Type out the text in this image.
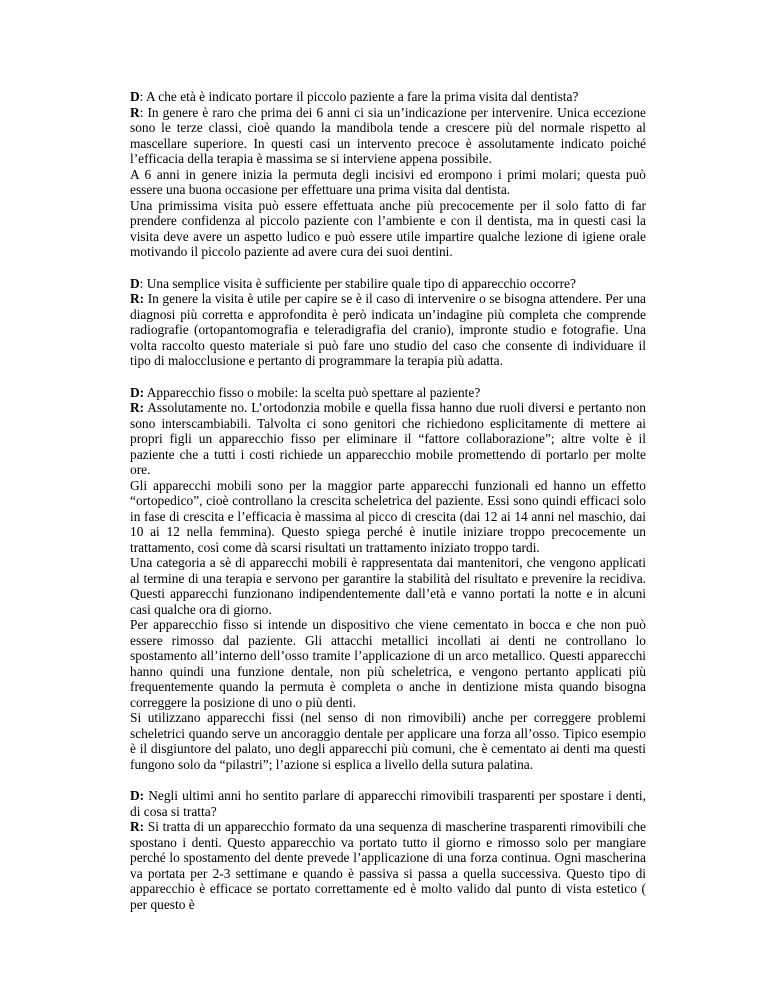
D: A che età è indicato portare il piccolo paziente a fare la prima visita dal dentista?

R: In genere è raro che prima dei 6 anni ci sia un’indicazione per intervenire. Unica eccezione sono le terze classi, cioè quando la mandibola tende a crescere più del normale rispetto al mascellare superiore. In questi casi un intervento precoce è assolutamente indicato poiché l’efficacia della terapia è massima se si interviene appena possibile.

A 6 anni in genere inizia la permuta degli incisivi ed erompono i primi molari; questa può essere una buona occasione per effettuare una prima visita dal dentista.

Una primissima visita può essere effettuata anche più precocemente per il solo fatto di far prendere confidenza al piccolo paziente con l’ambiente e con il dentista, ma in questi casi la visita deve avere un aspetto ludico e può essere utile impartire qualche lezione di igiene orale motivando il piccolo paziente ad avere cura dei suoi dentini.

D: Una semplice visita è sufficiente per stabilire quale tipo di apparecchio occorre?

R: In genere la visita è utile per capire se è il caso di intervenire o se bisogna attendere. Per una diagnosi più corretta e approfondita è però indicata un’indagine più completa che comprende radiografie (ortopantomografia e teleradigrafia del cranio), impronte studio e fotografie. Una volta raccolto questo materiale si può fare uno studio del caso che consente di individuare il tipo di malocclusione e pertanto di programmare la terapia più adatta.

D: Apparecchio fisso o mobile: la scelta può spettare al paziente?

R: Assolutamente no. L’ortodonzia mobile e quella fissa hanno due ruoli diversi e pertanto non sono interscambiabili. Talvolta ci sono genitori che richiedono esplicitamente di mettere ai propri figli un apparecchio fisso per eliminare il “fattore collaborazione”; altre volte è il paziente che a tutti i costi richiede un apparecchio mobile promettendo di portarlo per molte ore.

Gli apparecchi mobili sono per la maggior parte apparecchi funzionali ed hanno un effetto “ortopedico”, cioè controllano la crescita scheletrica del paziente. Essi sono quindi efficaci solo in fase di crescita e l’efficacia è massima al picco di crescita (dai 12 ai 14 anni nel maschio, dai 10 ai 12 nella femmina). Questo spiega perché è inutile iniziare troppo precocemente un trattamento, così come dà scarsi risultati un trattamento iniziato troppo tardi.

Una categoria a sè di apparecchi mobili è rappresentata dai mantenitori, che vengono applicati al termine di una terapia e servono per garantire la stabilità del risultato e prevenire la recidiva. Questi apparecchi funzionano indipendentemente dall’età e vanno portati la notte e in alcuni casi qualche ora di giorno.

Per apparecchio fisso si intende un dispositivo che viene cementato in bocca e che non può essere rimosso dal paziente. Gli attacchi metallici incollati ai denti ne controllano lo spostamento all’interno dell’osso tramite l’applicazione di un arco metallico. Questi apparecchi hanno quindi una funzione dentale, non più scheletrica, e vengono pertanto applicati più frequentemente quando la permuta è completa o anche in dentizione mista quando bisogna correggere la posizione di uno o più denti.

Si utilizzano apparecchi fissi (nel senso di non rimovibili) anche per correggere problemi scheletrici quando serve un ancoraggio dentale per applicare una forza all’osso. Tipico esempio è il disgiuntore del palato, uno degli apparecchi più comuni, che è cementato ai denti ma questi fungono solo da “pilastri”; l’azione si esplica a livello della sutura palatina.

D: Negli ultimi anni ho sentito parlare di apparecchi rimovibili trasparenti per spostare i denti, di cosa si tratta?

R: Si tratta di un apparecchio formato da una sequenza di mascherine trasparenti rimovibili che spostano i denti. Questo apparecchio va portato tutto il giorno e rimosso solo per mangiare perché lo spostamento del dente prevede l’applicazione di una forza continua. Ogni mascherina va portata per 2-3 settimane e quando è passiva si passa a quella successiva. Questo tipo di apparecchio è efficace se portato correttamente ed è molto valido dal punto di vista estetico ( per questo è
